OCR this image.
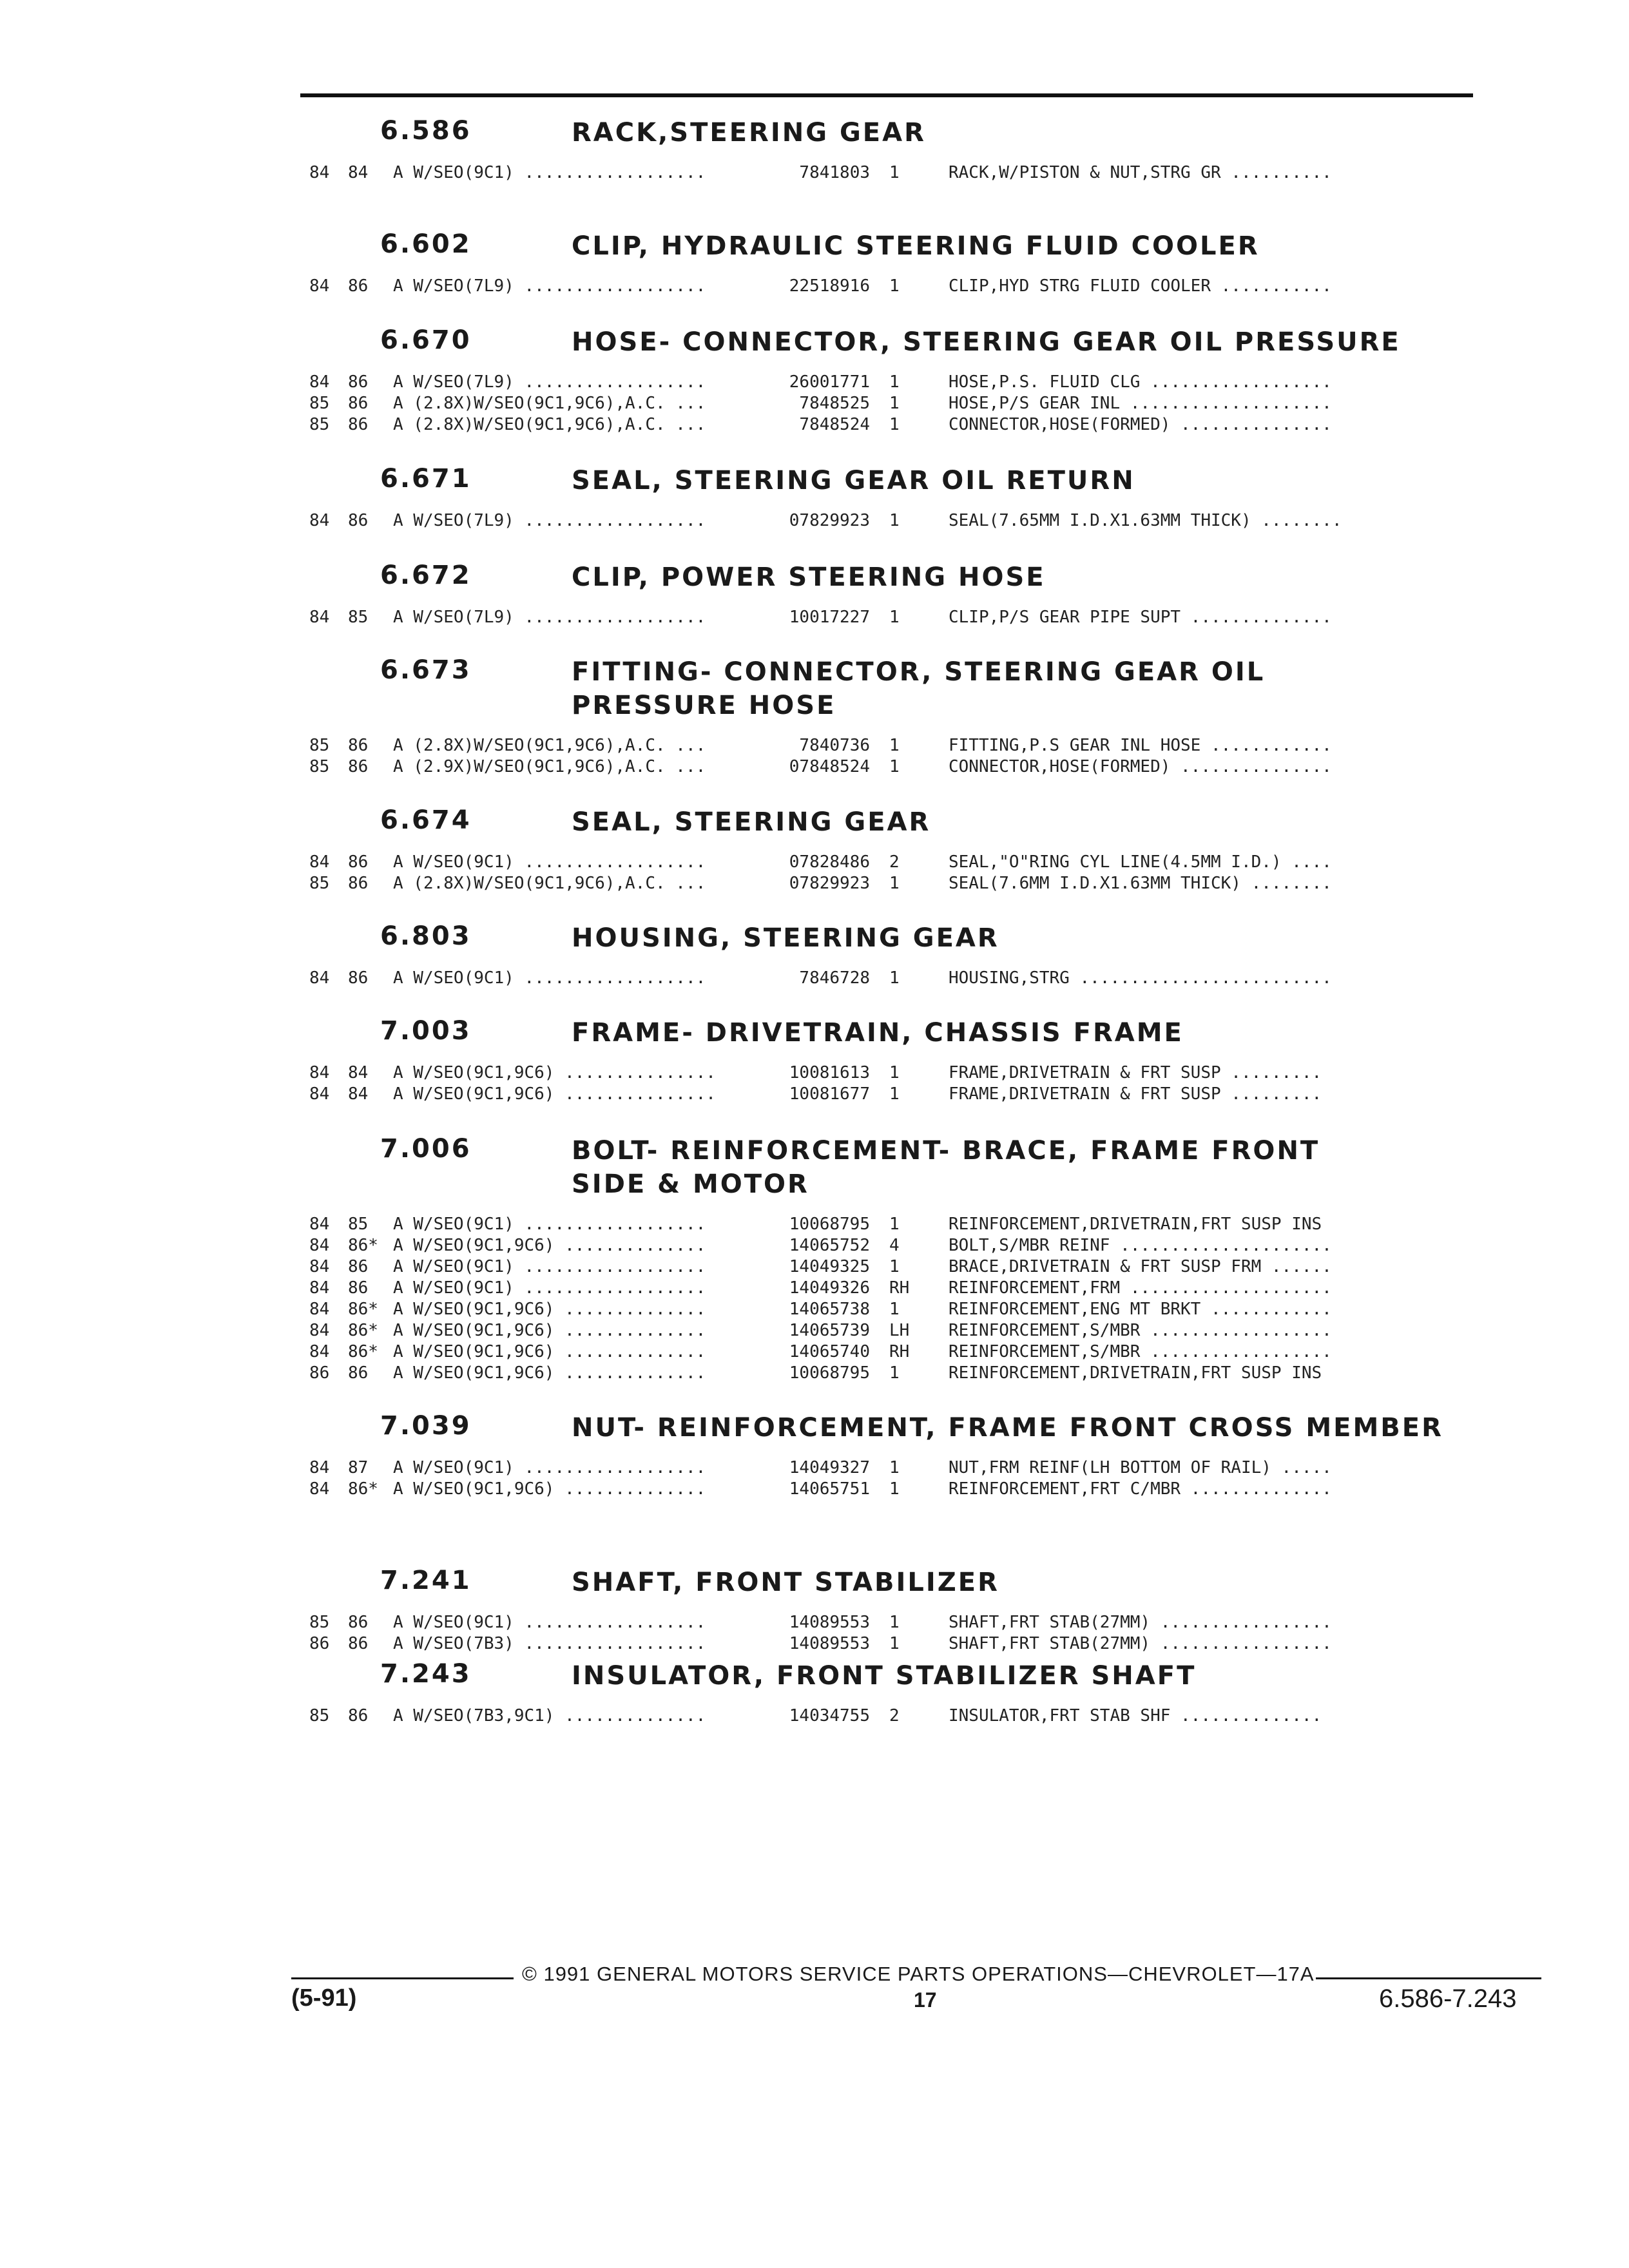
6.586	RACK,STEERING GEAR
84 84 A W/SEO(9C1) ..................	7841803 1	RACK,W/PISTON & NUT,STRG GR ..........
6.602	CLIP, HYDRAULIC STEERING FLUID COOLER
84 86 A W/SEO(7L9) ..................	22518916 1	CLIP,HYD STRG FLUID COOLER ...........
6.670	HOSE- CONNECTOR, STEERING GEAR OIL PRESSURE
84 86 A W/SEO(7L9) ..................	26001771 1	HOSE,P.S. FLUID CLG ..................
85 86 A (2.8X)W/SEO(9C1,9C6),A.C. ...	7848525 1	HOSE,P/S GEAR INL ....................
85 86 A (2.8X)W/SEO(9C1,9C6),A.C. ...	7848524 1	CONNECTOR,HOSE(FORMED) ...............
6.671	SEAL, STEERING GEAR OIL RETURN
84 86 A W/SEO(7L9) ..................	07829923 1	SEAL(7.65MM I.D.X1.63MM THICK) ........
6.672	CLIP, POWER STEERING HOSE
84 85 A W/SEO(7L9) ..................	10017227 1	CLIP,P/S GEAR PIPE SUPT ..............
6.673	FITTING- CONNECTOR, STEERING GEAR OIL
PRESSURE HOSE
85 86 A (2.8X)W/SEO(9C1,9C6),A.C. ...	7840736 1	FITTING,P.S GEAR INL HOSE ............
85 86 A (2.9X)W/SEO(9C1,9C6),A.C. ...	07848524 1	CONNECTOR,HOSE(FORMED) ...............
6.674	SEAL, STEERING GEAR
84 86 A W/SEO(9C1) ..................	07828486 2	SEAL,"O"RING CYL LINE(4.5MM I.D.) ....
85 86 A (2.8X)W/SEO(9C1,9C6),A.C. ...	07829923 1	SEAL(7.6MM I.D.X1.63MM THICK) ........
6.803	HOUSING, STEERING GEAR
84 86 A W/SEO(9C1) ..................	7846728 1	HOUSING,STRG .........................
7.003	FRAME- DRIVETRAIN, CHASSIS FRAME
84 84 A W/SEO(9C1,9C6) ...............	10081613 1	FRAME,DRIVETRAIN & FRT SUSP .........
84 84 A W/SEO(9C1,9C6) ...............	10081677 1	FRAME,DRIVETRAIN & FRT SUSP .........
7.006	BOLT- REINFORCEMENT- BRACE, FRAME FRONT
SIDE & MOTOR
84 85 A W/SEO(9C1) ..................	10068795 1	REINFORCEMENT,DRIVETRAIN,FRT SUSP INS
84 86* A W/SEO(9C1,9C6) ..............	14065752 4	BOLT,S/MBR REINF .....................
84 86 A W/SEO(9C1) ..................	14049325 1	BRACE,DRIVETRAIN & FRT SUSP FRM ......
84 86 A W/SEO(9C1) ..................	14049326 RH REINFORCEMENT,FRM ....................
84 86* A W/SEO(9C1,9C6) ..............	14065738 1	REINFORCEMENT,ENG MT BRKT ............
84 86* A W/SEO(9C1,9C6) ..............	14065739 LH REINFORCEMENT,S/MBR ..................
84 86* A W/SEO(9C1,9C6) ..............	14065740 RH REINFORCEMENT,S/MBR ..................
86 86 A W/SEO(9C1,9C6) ..............	10068795 1	REINFORCEMENT,DRIVETRAIN,FRT SUSP INS
7.039	NUT- REINFORCEMENT, FRAME FRONT CROSS MEMBER
84 87 A W/SEO(9C1) ..................	14049327 1	NUT,FRM REINF(LH BOTTOM OF RAIL) .....
84 86* A W/SEO(9C1,9C6) ..............	14065751 1	REINFORCEMENT,FRT C/MBR ..............
7.241	SHAFT, FRONT STABILIZER
85 86 A W/SEO(9C1) ..................	14089553 1	SHAFT,FRT STAB(27MM) .................
86 86 A W/SEO(7B3) ..................	14089553 1	SHAFT,FRT STAB(27MM) .................
7.243	INSULATOR, FRONT STABILIZER SHAFT
85 86 A W/SEO(7B3,9C1) ..............	14034755 2	INSULATOR,FRT STAB SHF ..............
© 1991 GENERAL MOTORS SERVICE PARTS OPERATIONS—CHEVROLET—17A
(5-91)	17	6.586-7.243
